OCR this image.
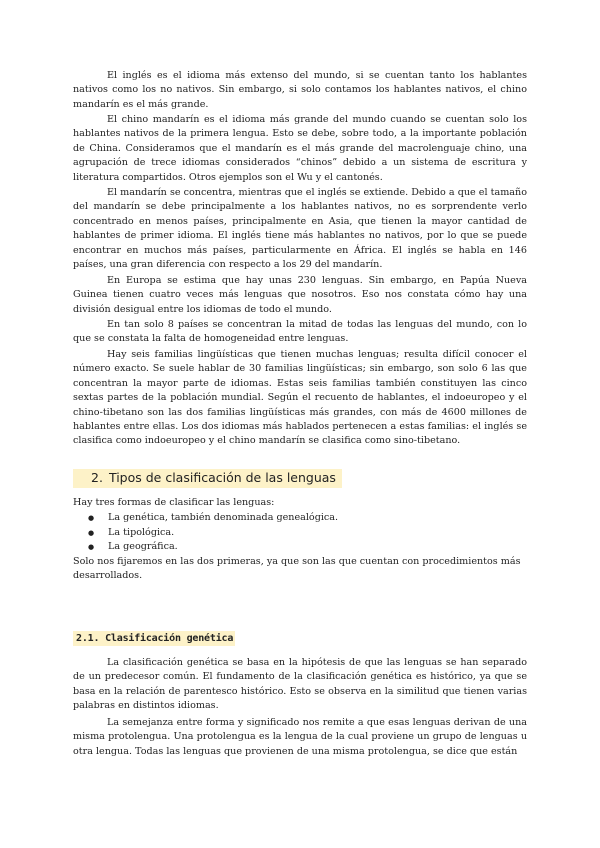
El inglés es el idioma más extenso del mundo, si se cuentan tanto los hablantes nativos como los no nativos. Sin embargo, si solo contamos los hablantes nativos, el chino mandarín es el más grande.

El chino mandarín es el idioma más grande del mundo cuando se cuentan solo los hablantes nativos de la primera lengua. Esto se debe, sobre todo, a la importante población de China. Consideramos que el mandarín es el más grande del macrolenguaje chino, una agrupación de trece idiomas considerados “chinos” debido a un sistema de escritura y literatura compartidos. Otros ejemplos son el Wu y el cantonés.

El mandarín se concentra, mientras que el inglés se extiende. Debido a que el tamaño del mandarín se debe principalmente a los hablantes nativos, no es sorprendente verlo concentrado en menos países, principalmente en Asia, que tienen la mayor cantidad de hablantes de primer idioma. El inglés tiene más hablantes no nativos, por lo que se puede encontrar en muchos más países, particularmente en África. El inglés se habla en 146 países, una gran diferencia con respecto a los 29 del mandarín.

En Europa se estima que hay unas 230 lenguas. Sin embargo, en Papúa Nueva Guinea tienen cuatro veces más lenguas que nosotros. Eso nos constata cómo hay una división desigual entre los idiomas de todo el mundo.

En tan solo 8 países se concentran la mitad de todas las lenguas del mundo, con lo que se constata la falta de homogeneidad entre lenguas.

Hay seis familias lingüísticas que tienen muchas lenguas; resulta difícil conocer el número exacto. Se suele hablar de 30 familias lingüísticas; sin embargo, son solo 6 las que concentran la mayor parte de idiomas. Estas seis familias también constituyen las cinco sextas partes de la población mundial. Según el recuento de hablantes, el indoeuropeo y el chino-tibetano son las dos familias lingüísticas más grandes, con más de 4600 millones de hablantes entre ellas. Los dos idiomas más hablados pertenecen a estas familias: el inglés se clasifica como indoeuropeo y el chino mandarín se clasifica como sino-tibetano.

2. Tipos de clasificación de las lenguas

Hay tres formas de clasificar las lenguas:

● La genética, también denominada genealógica.
● La tipológica.
● La geográfica.

Solo nos fijaremos en las dos primeras, ya que son las que cuentan con procedimientos más desarrollados.

2.1. Clasificación genética

La clasificación genética se basa en la hipótesis de que las lenguas se han separado de un predecesor común. El fundamento de la clasificación genética es histórico, ya que se basa en la relación de parentesco histórico. Esto se observa en la similitud que tienen varias palabras en distintos idiomas.

La semejanza entre forma y significado nos remite a que esas lenguas derivan de una misma protolengua. Una protolengua es la lengua de la cual proviene un grupo de lenguas u otra lengua. Todas las lenguas que provienen de una misma protolengua, se dice que están
